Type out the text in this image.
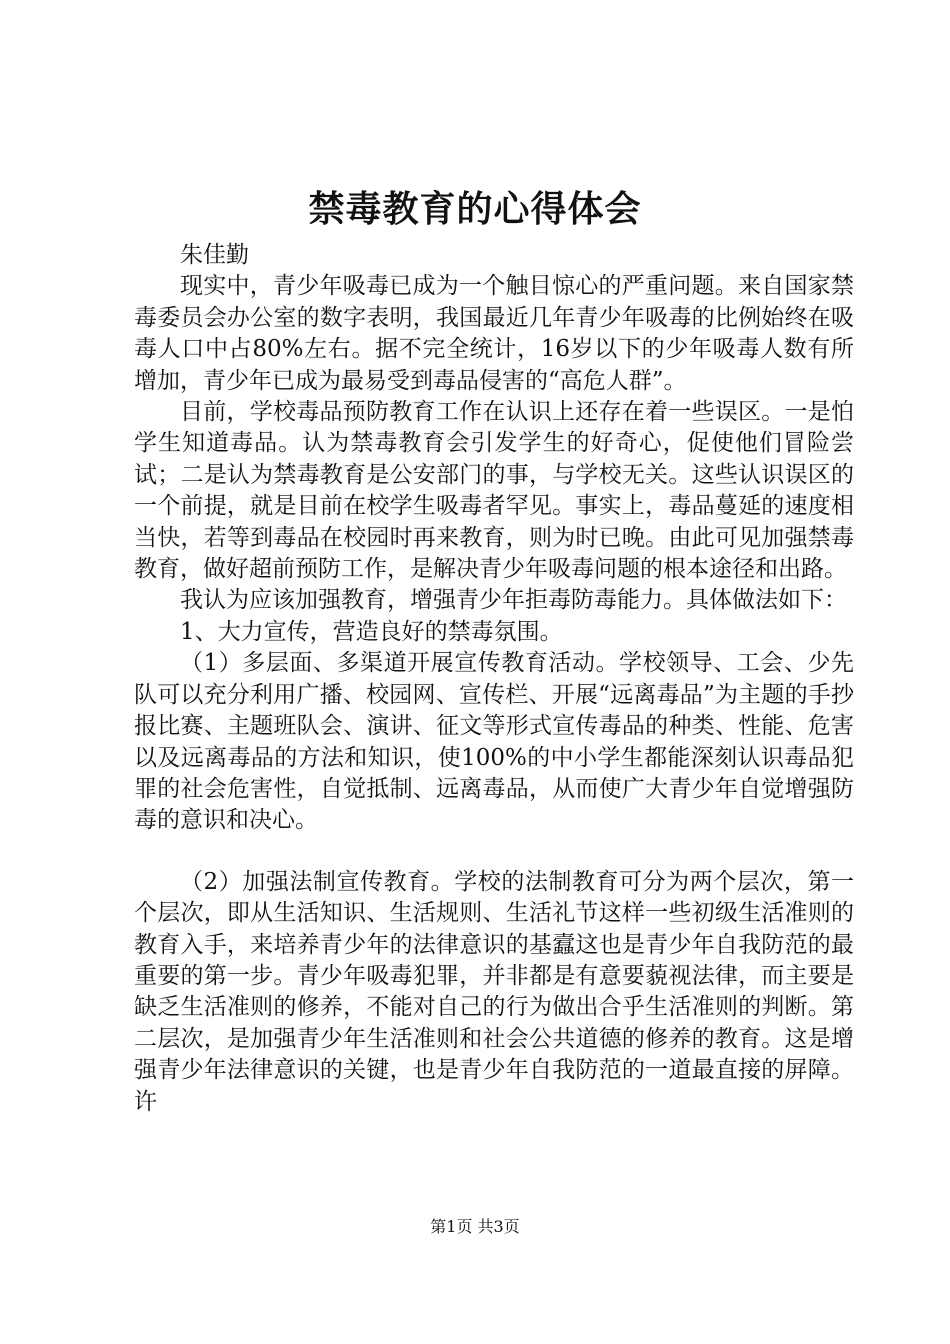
禁毒教育的心得体会

朱佳勤

现实中，青少年吸毒已成为一个触目惊心的严重问题。来自国家禁毒委员会办公室的数字表明，我国最近几年青少年吸毒的比例始终在吸毒人口中占80%左右。据不完全统计，16岁以下的少年吸毒人数有所增加，青少年已成为最易受到毒品侵害的“高危人群”。

目前，学校毒品预防教育工作在认识上还存在着一些误区。一是怕学生知道毒品。认为禁毒教育会引发学生的好奇心，促使他们冒险尝试；二是认为禁毒教育是公安部门的事，与学校无关。这些认识误区的一个前提，就是目前在校学生吸毒者罕见。事实上，毒品蔓延的速度相当快，若等到毒品在校园时再来教育，则为时已晚。由此可见加强禁毒教育，做好超前预防工作，是解决青少年吸毒问题的根本途径和出路。

我认为应该加强教育，增强青少年拒毒防毒能力。具体做法如下：

1、大力宣传，营造良好的禁毒氛围。

（1）多层面、多渠道开展宣传教育活动。学校领导、工会、少先队可以充分利用广播、校园网、宣传栏、开展“远离毒品”为主题的手抄报比赛、主题班队会、演讲、征文等形式宣传毒品的种类、性能、危害以及远离毒品的方法和知识，使100%的中小学生都能深刻认识毒品犯罪的社会危害性，自觉抵制、远离毒品，从而使广大青少年自觉增强防毒的意识和决心。

（2）加强法制宣传教育。学校的法制教育可分为两个层次，第一个层次，即从生活知识、生活规则、生活礼节这样一些初级生活准则的教育入手，来培养青少年的法律意识的基蠧这也是青少年自我防范的最重要的第一步。青少年吸毒犯罪，并非都是有意要藐视法律，而主要是缺乏生活准则的修养，不能对自己的行为做出合乎生活准则的判断。第二层次，是加强青少年生活准则和社会公共道德的修养的教育。这是增强青少年法律意识的关键，也是青少年自我防范的一道最直接的屏障。许

第1页 共3页
